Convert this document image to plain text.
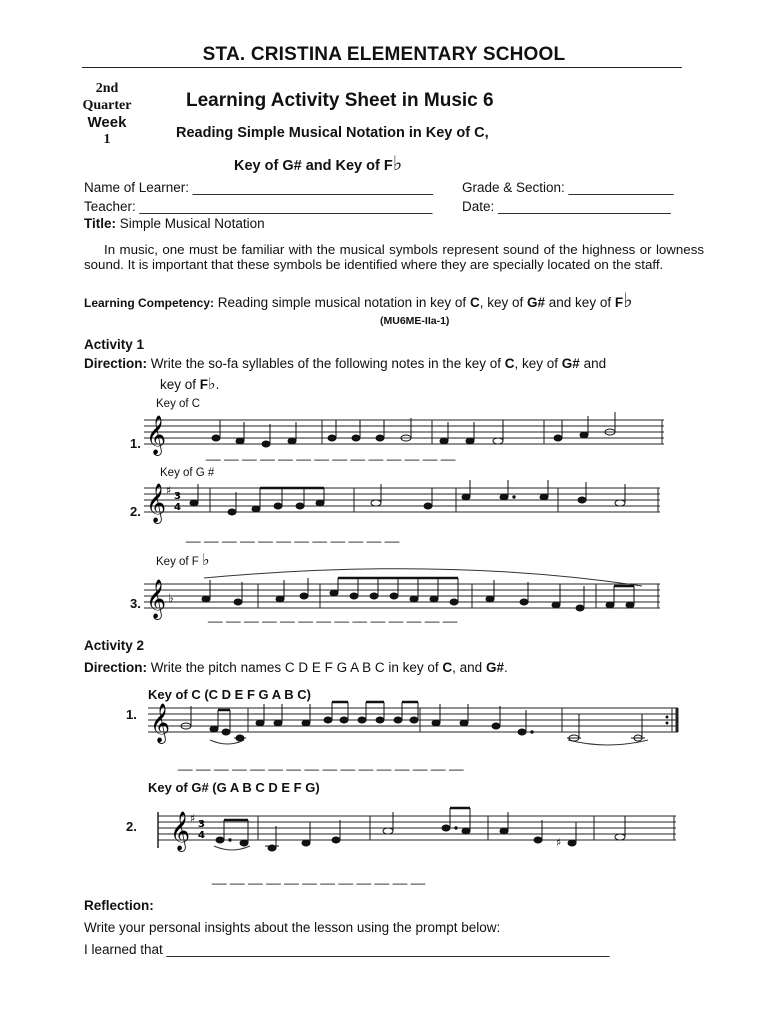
STA. CRISTINA ELEMENTARY SCHOOL
2nd
Quarter
Week
1
Learning Activity Sheet in Music 6
Reading Simple Musical Notation in Key of C,
Key of G# and Key of F♭
Name of Learner: ________________________________ Grade & Section: ______________
Teacher: _______________________________________ Date: _______________________
Title: Simple Musical Notation
In music, one must be familiar with the musical symbols represent sound of the highness or lowness sound. It is important that these symbols be identified where they are specially located on the staff.
Learning Competency: Reading simple musical notation in key of C, key of G# and key of F♭
(MU6ME-IIa-1)
Activity 1
Direction: Write the so-fa syllables of the following notes in the key of C, key of G# and
key of F♭.
Key of C
1. 𝄞	__ __ __ __ __ __ __ __ __ __ __ __ __ __
Key of G #
2. 𝄞 ♯ 3
4
__ __ __ __ __ __ __ __ __ __ __ __
Key of F ♭
3. 𝄞 ♭
__ __ __ __ __ __ __ __ __ __ __ __ __ __
Activity 2
Direction: Write the pitch names C D E F G A B C in key of C, and G#.
Key of C (C D E F G A B C)
1. 𝄞
__ __ __ __ __ __ __ __ __ __ __ __ __ __ __ __
Key of G# (G A B C D E F G)
2. 𝄞 ♯ 3
4
♯
__ __ __ __ __ __ __ __ __ __ __ __
Reflection:
Write your personal insights about the lesson using the prompt below:
I learned that ___________________________________________________________
